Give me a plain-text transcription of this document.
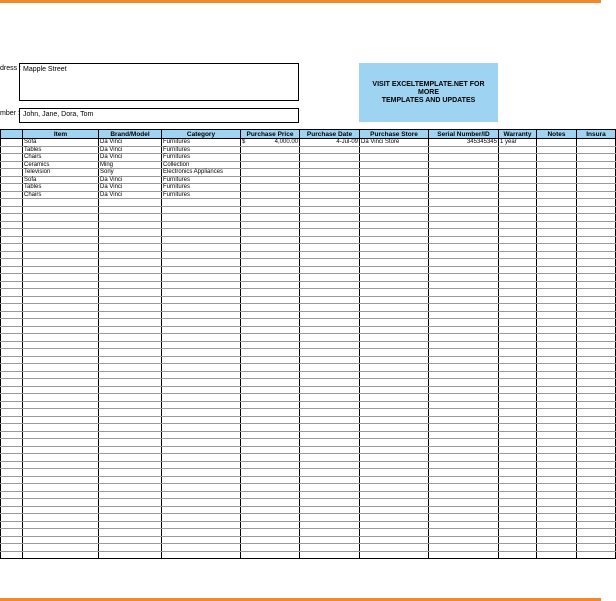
dress : Mapple Street
mber : John, Jane, Dora, Tom
VISIT EXCELTEMPLATE.NET FOR MORE
TEMPLATES AND UPDATES
	Item	Brand/Model	Category	Purchase Price	Purchase Date	Purchase Store	Serial Number/ID	Warranty	Notes	Insura
	Sofa	Da Vinci	Furnitures	$ 4,000.00	4-Jul-09	Da Vinci Store	345345345	1 year		
	Tables	Da Vinci	Furnitures							
	Chairs	Da Vinci	Furnitures							
	Ceramics	Ming	Collection							
	Television	Sony	Electronics Appliances							
	Sofa	Da Vinci	Furnitures							
	Tables	Da Vinci	Furnitures							
	Chairs	Da Vinci	Furnitures							
